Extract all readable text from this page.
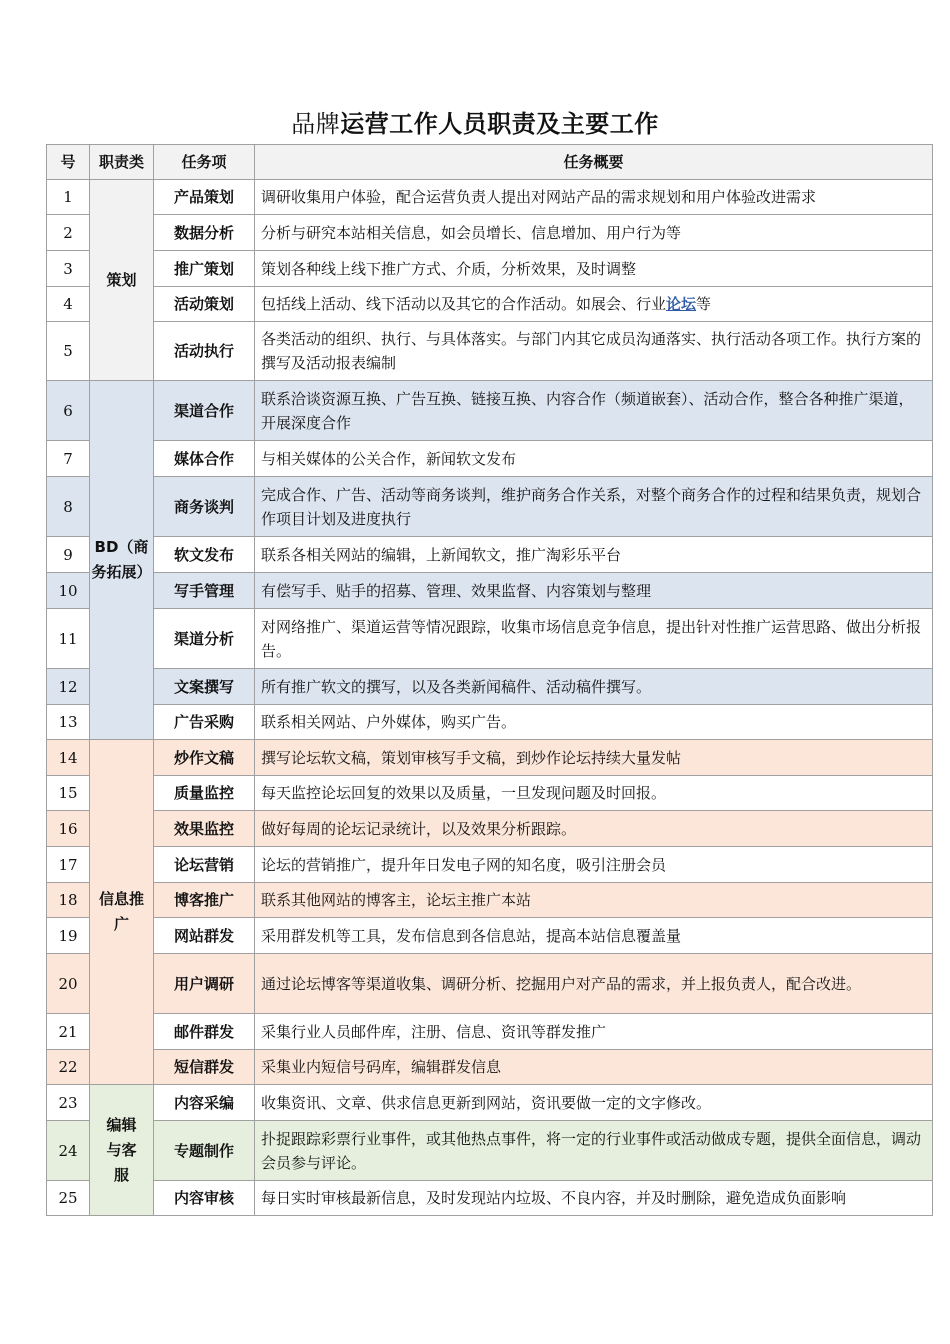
品牌运营工作人员职责及主要工作
号	职责类	任务项	任务概要
1	策划	产品策划	调研收集用户体验，配合运营负责人提出对网站产品的需求规划和用户体验改进需求
2		数据分析	分析与研究本站相关信息，如会员增长、信息增加、用户行为等
3		推广策划	策划各种线上线下推广方式、介质，分析效果，及时调整
4		活动策划	包括线上活动、线下活动以及其它的合作活动。如展会、行业论坛等
5		活动执行	各类活动的组织、执行、与具体落实。与部门内其它成员沟通落实、执行活动各项工作。执行方案的撰写及活动报表编制
6	BD（商务拓展）	渠道合作	联系洽谈资源互换、广告互换、链接互换、内容合作（频道嵌套）、活动合作，整合各种推广渠道，开展深度合作
7		媒体合作	与相关媒体的公关合作，新闻软文发布
8		商务谈判	完成合作、广告、活动等商务谈判，维护商务合作关系，对整个商务合作的过程和结果负责，规划合作项目计划及进度执行
9		软文发布	联系各相关网站的编辑，上新闻软文，推广淘彩乐平台
10		写手管理	有偿写手、贴手的招募、管理、效果监督、内容策划与整理
11		渠道分析	对网络推广、渠道运营等情况跟踪，收集市场信息竞争信息，提出针对性推广运营思路、做出分析报告。
12		文案撰写	所有推广软文的撰写，以及各类新闻稿件、活动稿件撰写。
13		广告采购	联系相关网站、户外媒体，购买广告。
14	信息推广	炒作文稿	撰写论坛软文稿，策划审核写手文稿，到炒作论坛持续大量发帖
15		质量监控	每天监控论坛回复的效果以及质量，一旦发现问题及时回报。
16		效果监控	做好每周的论坛记录统计，以及效果分析跟踪。
17		论坛营销	论坛的营销推广，提升年日发电子网的知名度，吸引注册会员
18		博客推广	联系其他网站的博客主，论坛主推广本站
19		网站群发	采用群发机等工具，发布信息到各信息站，提高本站信息覆盖量
20		用户调研	通过论坛博客等渠道收集、调研分析、挖掘用户对产品的需求，并上报负责人，配合改进。
21		邮件群发	采集行业人员邮件库，注册、信息、资讯等群发推广
22		短信群发	采集业内短信号码库，编辑群发信息
23	编辑与客服	内容采编	收集资讯、文章、供求信息更新到网站，资讯要做一定的文字修改。
24		专题制作	扑捉跟踪彩票行业事件，或其他热点事件，将一定的行业事件或活动做成专题，提供全面信息，调动会员参与评论。
25		内容审核	每日实时审核最新信息，及时发现站内垃圾、不良内容，并及时删除，避免造成负面影响
